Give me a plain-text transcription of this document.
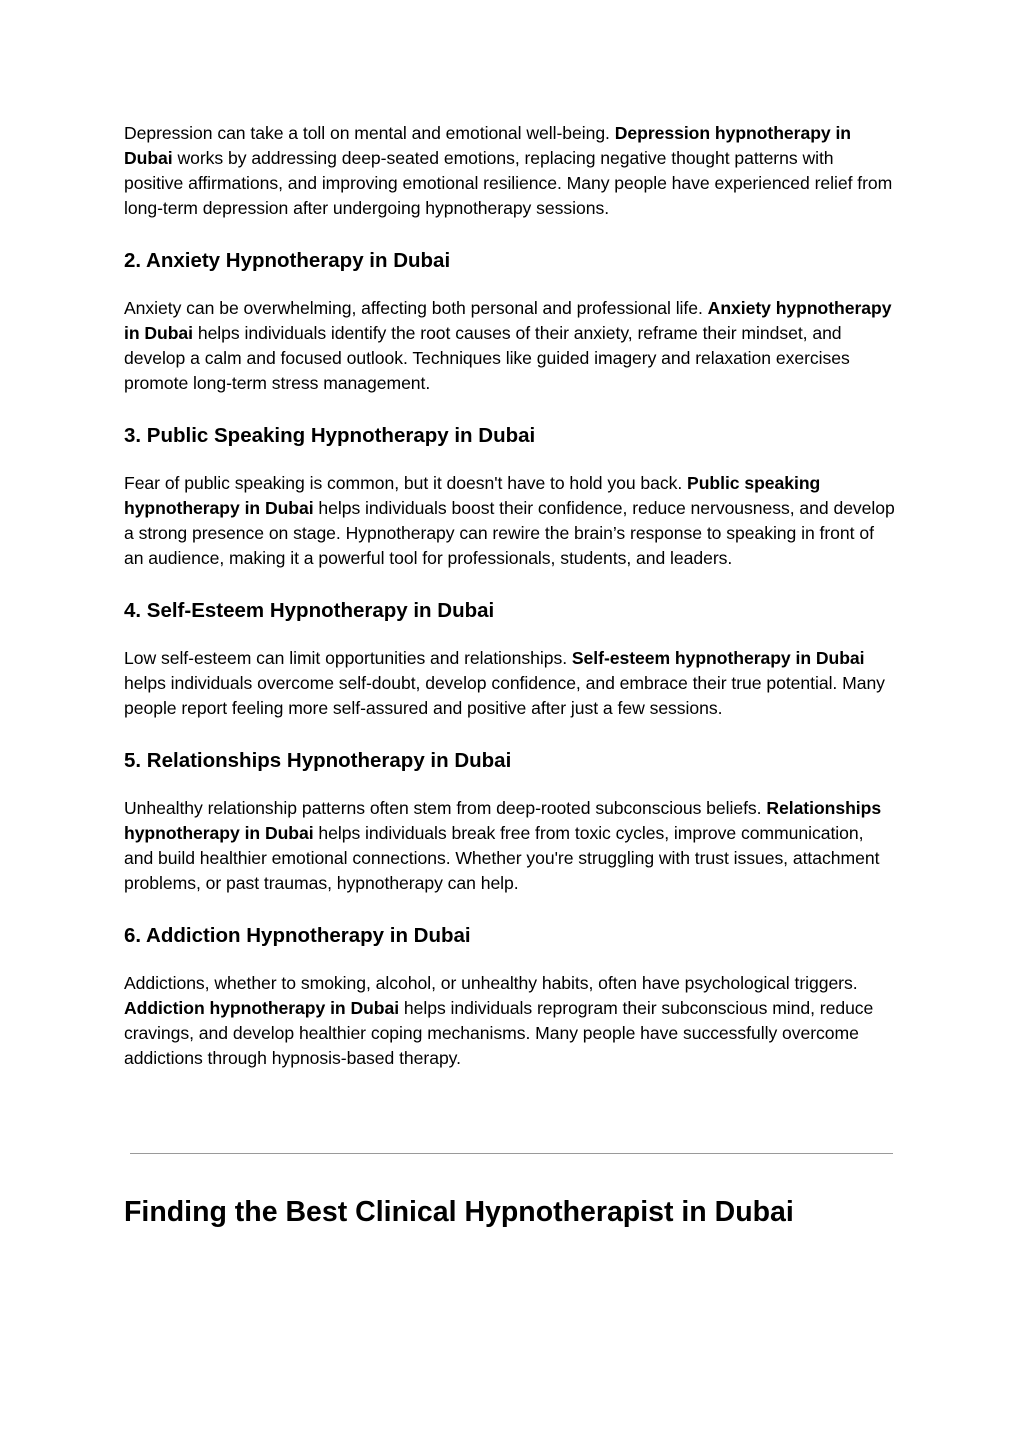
Depression can take a toll on mental and emotional well-being. Depression hypnotherapy in Dubai works by addressing deep-seated emotions, replacing negative thought patterns with positive affirmations, and improving emotional resilience. Many people have experienced relief from long-term depression after undergoing hypnotherapy sessions.

2. Anxiety Hypnotherapy in Dubai

Anxiety can be overwhelming, affecting both personal and professional life. Anxiety hypnotherapy in Dubai helps individuals identify the root causes of their anxiety, reframe their mindset, and develop a calm and focused outlook. Techniques like guided imagery and relaxation exercises promote long-term stress management.

3. Public Speaking Hypnotherapy in Dubai

Fear of public speaking is common, but it doesn't have to hold you back. Public speaking hypnotherapy in Dubai helps individuals boost their confidence, reduce nervousness, and develop a strong presence on stage. Hypnotherapy can rewire the brain’s response to speaking in front of an audience, making it a powerful tool for professionals, students, and leaders.

4. Self-Esteem Hypnotherapy in Dubai

Low self-esteem can limit opportunities and relationships. Self-esteem hypnotherapy in Dubai helps individuals overcome self-doubt, develop confidence, and embrace their true potential. Many people report feeling more self-assured and positive after just a few sessions.

5. Relationships Hypnotherapy in Dubai

Unhealthy relationship patterns often stem from deep-rooted subconscious beliefs. Relationships hypnotherapy in Dubai helps individuals break free from toxic cycles, improve communication, and build healthier emotional connections. Whether you're struggling with trust issues, attachment problems, or past traumas, hypnotherapy can help.

6. Addiction Hypnotherapy in Dubai

Addictions, whether to smoking, alcohol, or unhealthy habits, often have psychological triggers. Addiction hypnotherapy in Dubai helps individuals reprogram their subconscious mind, reduce cravings, and develop healthier coping mechanisms. Many people have successfully overcome addictions through hypnosis-based therapy.

Finding the Best Clinical Hypnotherapist in Dubai
